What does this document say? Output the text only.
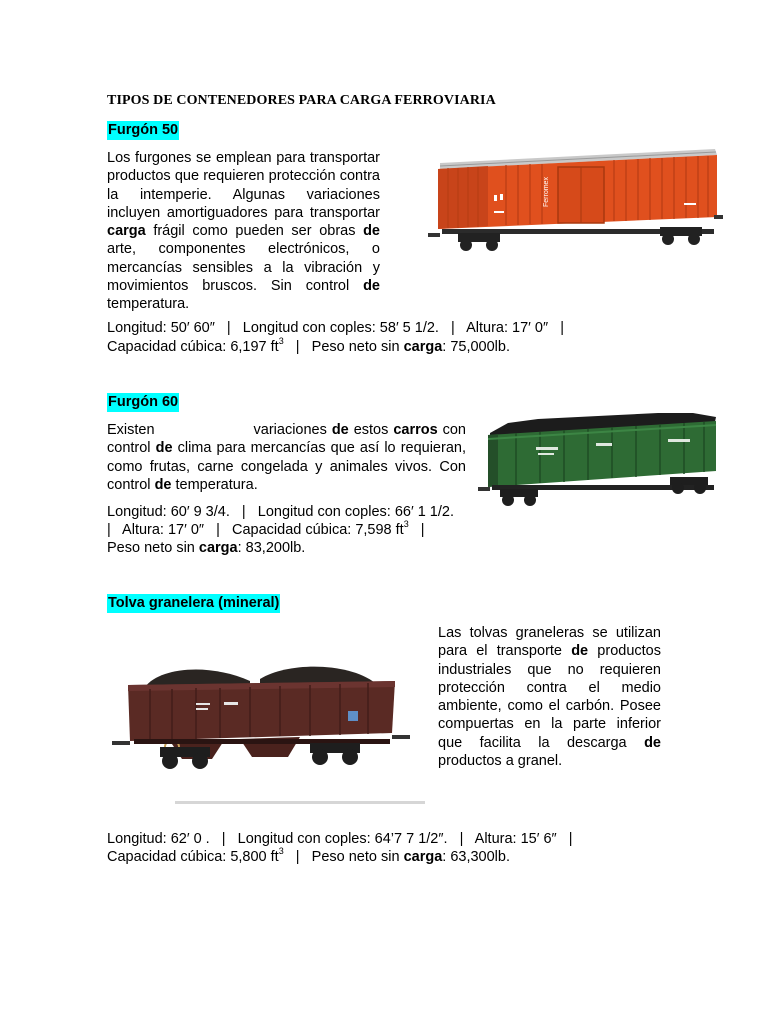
TIPOS DE CONTENEDORES PARA CARGA FERROVIARIA
Furgón 50
Los furgones se emplean para transportar productos que requieren protección contra la intemperie. Algunas variaciones incluyen amortiguadores para transportar carga frágil como pueden ser obras de arte, componentes electrónicos, o mercancías sensibles a la vibración y movimientos bruscos. Sin control de temperatura.
Ferromex
Longitud: 50′ 60″   |   Longitud con coples: 58′ 5 1/2.   |   Altura: 17′ 0″   |
Capacidad cúbica: 6,197 $ft^3$   |   Peso neto sin carga: 75,000lb.
Furgón 60
Existen                    variaciones de estos carros con control de clima para mercancías que así lo requieran, como frutas, carne congelada y animales vivos. Con control de temperatura.
Longitud: 60′ 9 3/4.   |   Longitud con coples: 66′ 1 1/2.
|   Altura: 17′ 0″   |   Capacidad cúbica: 7,598 $ft^3$   |
Peso neto sin carga: 83,200lb.
Tolva granelera (mineral)
Las tolvas graneleras se utilizan para el transporte de productos industriales que no requieren protección contra el medio ambiente, como el carbón. Posee compuertas en la parte inferior que facilita la descarga de productos a granel.
Longitud: 62′ 0 .   |   Longitud con coples: 64’7 7 1/2″.   |   Altura: 15′ 6″   |
Capacidad cúbica: 5,800 $ft^3$   |   Peso neto sin carga: 63,300lb.
